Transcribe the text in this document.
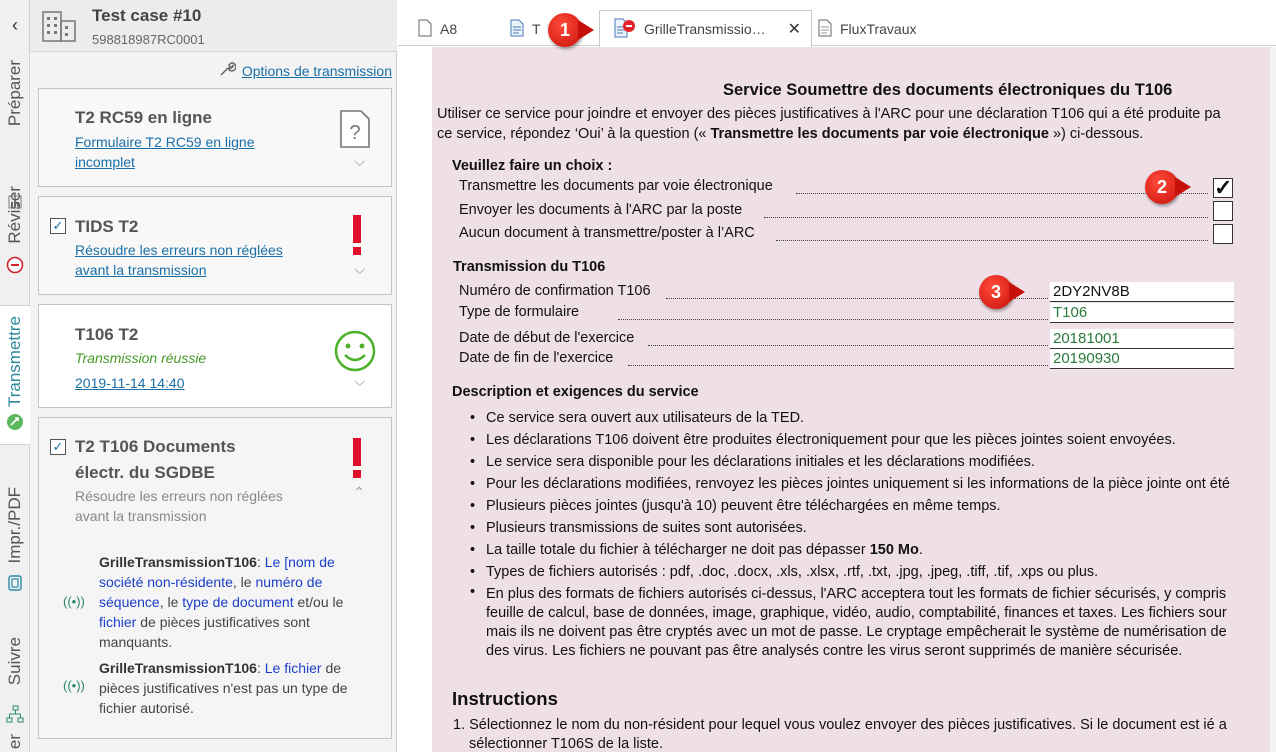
‹
Préparer
Réviser
Transmettre
Impr./PDF
Suivre
er
Test case #10
598818987RC0001
Options de transmission
T2 RC59 en ligne
Formulaire T2 RC59 en ligne
incomplet
?
⌵
✓ TIDS T2
Résoudre les erreurs non réglées
avant la transmission	⌵
T106 T2
Transmission réussie
2019-11-14 14:40	⌵
✓ T2 T106 Documents
électr. du SGDBE
Résoudre les erreurs non réglées
avant la transmission
⌃
((•))
GrilleTransmissionT106: Le [nom de société non-résidente, le numéro de séquence, le type de document et/ou le fichier de pièces justificatives sont manquants.
((•))
GrilleTransmissionT106: Le fichier de pièces justificatives n'est pas un type de fichier autorisé.
A8	T	GrilleTransmissio… ✕	FluxTravaux
Service Soumettre des documents électroniques du T106
Utiliser ce service pour joindre et envoyer des pièces justificatives à l'ARC pour une déclaration T106 qui a été produite pa
ce service, répondez ‘Oui’ à la question (« Transmettre les documents par voie électronique ») ci-dessous.
Veuillez faire un choix :
Transmettre les documents par voie électronique	✓
Envoyer les documents à l'ARC par la poste
Aucun document à transmettre/poster à l’ARC
Transmission du T106
Numéro de confirmation T106	2DY2NV8B
Type de formulaire	T106
Date de début de l'exercice	20181001
Date de fin de l'exercice	20190930
Description et exigences du service
• Ce service sera ouvert aux utilisateurs de la TED.
• Les déclarations T106 doivent être produites électroniquement pour que les pièces jointes soient envoyées.
• Le service sera disponible pour les déclarations initiales et les déclarations modifiées.
• Pour les déclarations modifiées, renvoyez les pièces jointes uniquement si les informations de la pièce jointe ont été
• Plusieurs pièces jointes (jusqu'à 10) peuvent être téléchargées en même temps.
• Plusieurs transmissions de suites sont autorisées.
• La taille totale du fichier à télécharger ne doit pas dépasser 150 Mo.
• Types de fichiers autorisés : pdf, .doc, .docx, .xls, .xlsx, .rtf, .txt, .jpg, .jpeg, .tiff, .tif, .xps ou plus.
• En plus des formats de fichiers autorisés ci-dessus, l'ARC acceptera tout les formats de fichier sécurisés, y compris
feuille de calcul, base de données, image, graphique, vidéo, audio, comptabilité, finances et taxes. Les fichiers sour
mais ils ne doivent pas être cryptés avec un mot de passe. Le cryptage empêcherait le système de numérisation de
des virus. Les fichiers ne pouvant pas être analysés contre les virus seront supprimés de manière sécurisée.
Instructions
1. Sélectionnez le nom du non-résident pour lequel vous voulez envoyer des pièces justificatives. Si le document est ié a
sélectionner T106S de la liste.
1
2
3
